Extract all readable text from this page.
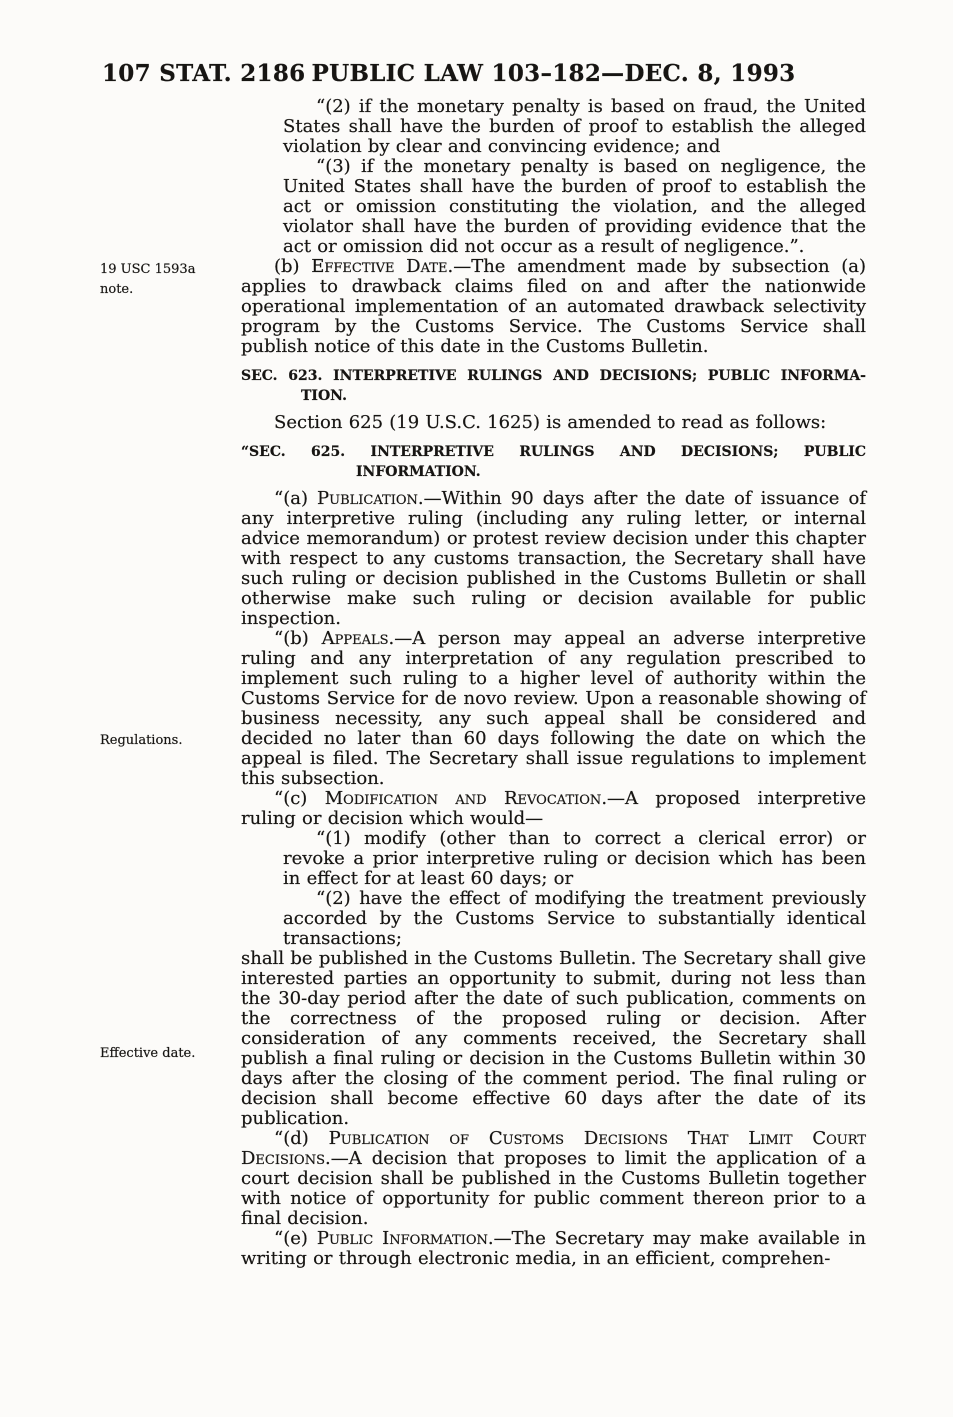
107 STAT. 2186 PUBLIC LAW 103–182—DEC. 8, 1993
19 USC 1593a note.
Regulations.
Effective date.

“(2) if the monetary penalty is based on fraud, the United States shall have the burden of proof to establish the alleged violation by clear and convincing evidence; and

“(3) if the monetary penalty is based on negligence, the United States shall have the burden of proof to establish the act or omission constituting the violation, and the alleged violator shall have the burden of providing evidence that the act or omission did not occur as a result of negligence.”.

(b) Effective Date.—The amendment made by subsection (a) applies to drawback claims filed on and after the nationwide operational implementation of an automated drawback selectivity program by the Customs Service. The Customs Service shall publish notice of this date in the Customs Bulletin.

SEC. 623. INTERPRETIVE RULINGS AND DECISIONS; PUBLIC INFORMA-
TION.

Section 625 (19 U.S.C. 1625) is amended to read as follows:

“SEC. 625. INTERPRETIVE RULINGS AND DECISIONS; PUBLIC
INFORMATION.

“(a) Publication.—Within 90 days after the date of issuance of any interpretive ruling (including any ruling letter, or internal advice memorandum) or protest review decision under this chapter with respect to any customs transaction, the Secretary shall have such ruling or decision published in the Customs Bulletin or shall otherwise make such ruling or decision available for public inspection.

“(b) Appeals.—A person may appeal an adverse interpretive ruling and any interpretation of any regulation prescribed to implement such ruling to a higher level of authority within the Customs Service for de novo review. Upon a reasonable showing of business necessity, any such appeal shall be considered and decided no later than 60 days following the date on which the appeal is filed. The Secretary shall issue regulations to implement this subsection.

“(c) Modification and Revocation.—A proposed interpretive ruling or decision which would—

“(1) modify (other than to correct a clerical error) or revoke a prior interpretive ruling or decision which has been in effect for at least 60 days; or

“(2) have the effect of modifying the treatment previously accorded by the Customs Service to substantially identical transactions;

shall be published in the Customs Bulletin. The Secretary shall give interested parties an opportunity to submit, during not less than the 30-day period after the date of such publication, comments on the correctness of the proposed ruling or decision. After consideration of any comments received, the Secretary shall publish a final ruling or decision in the Customs Bulletin within 30 days after the closing of the comment period. The final ruling or decision shall become effective 60 days after the date of its publication.

“(d) Publication of Customs Decisions That Limit Court Decisions.—A decision that proposes to limit the application of a court decision shall be published in the Customs Bulletin together with notice of opportunity for public comment thereon prior to a final decision.

“(e) Public Information.—The Secretary may make available in writing or through electronic media, in an efficient, comprehen-
